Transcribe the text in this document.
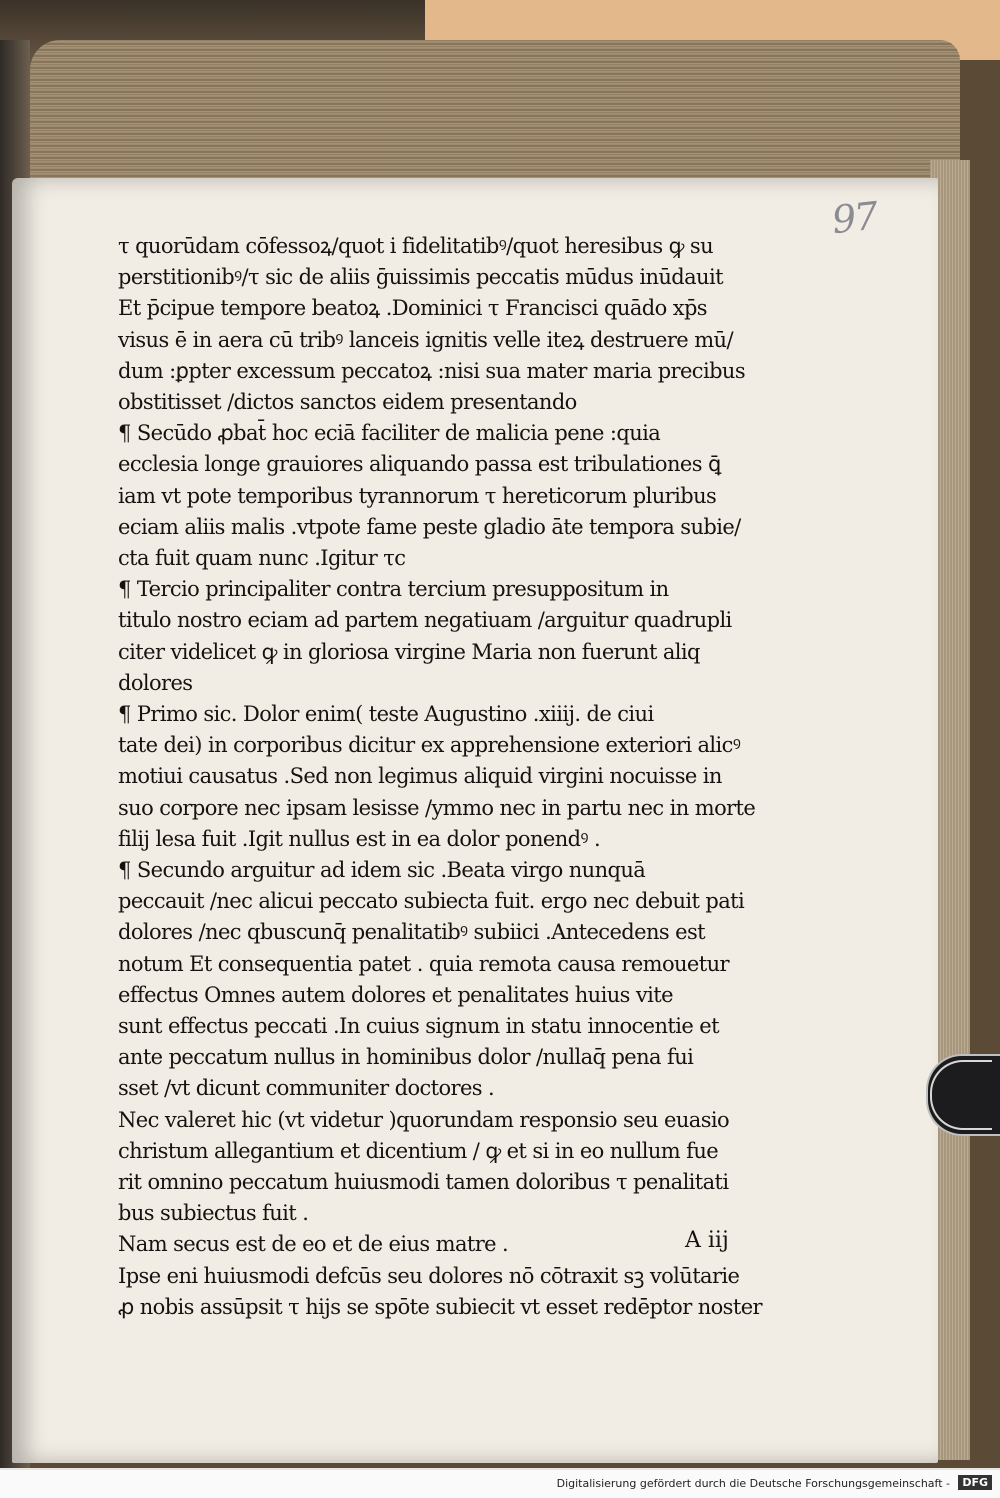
97
τ quorūdam cōfessoꝝ/quot i fidelitatibꝰ/quot heresibus ꝙ su
perstitionibꝰ/τ sic de aliis ḡuissimis peccatis mūdus inūdauit
Et p̄cipue tempore beatoꝝ .Dominici τ Francisci quādo xp̄s
visus ē in aera cū tribꝰ lanceis ignitis velle iteꝝ destruere mū/
dum :ꝑpter excessum peccatoꝝ :nisi sua mater maria precibus
obstitisset /dictos sanctos eidem presentando
¶ Secūdo ꝓbat̄ hoc eciā faciliter de malicia pene :quia
ecclesia longe grauiores aliquando passa est tribulationes ꝗ̄
iam vt pote temporibus tyrannorum τ hereticorum pluribus
eciam aliis malis .vtpote fame peste gladio āte tempora subie/
cta fuit quam nunc .Igitur τc
¶ Tercio principaliter contra tercium presuppositum in
titulo nostro eciam ad partem negatiuam /arguitur quadrupli
citer videlicet ꝙ in gloriosa virgine Maria non fuerunt aliq
dolores
¶ Primo sic. Dolor enim( teste Augustino .xiiij. de ciui
tate dei) in corporibus dicitur ex apprehensione exteriori alicꝰ
motiui causatus .Sed non legimus aliquid virgini nocuisse in
suo corpore nec ipsam lesisse /ymmo nec in partu nec in morte
filij lesa fuit .Igit nullus est in ea dolor ponendꝰ .
¶ Secundo arguitur ad idem sic .Beata virgo nunquā
peccauit /nec alicui peccato subiecta fuit. ergo nec debuit pati
dolores /nec qbuscunq̄ penalitatibꝰ subiici .Antecedens est
notum Et consequentia patet . quia remota causa remouetur
effectus Omnes autem dolores et penalitates huius vite
sunt effectus peccati .In cuius signum in statu innocentie et
ante peccatum nullus in hominibus dolor /nullaq̄ pena fui
sset /vt dicunt communiter doctores .
Nec valeret hic (vt videtur )quorundam responsio seu euasio
christum allegantium et dicentium / ꝙ et si in eo nullum fue
rit omnino peccatum huiusmodi tamen doloribus τ penalitati
bus subiectus fuit .
Nam secus est de eo et de eius matre .
Ipse eni huiusmodi defcūs seu dolores nō cōtraxit sꝫ volūtarie
ꝓ nobis assūpsit τ hijs se spōte subiecit vt esset redēptor noster
A iij
Digitalisierung gefördert durch die Deutsche Forschungsgemeinschaft -	DFG
